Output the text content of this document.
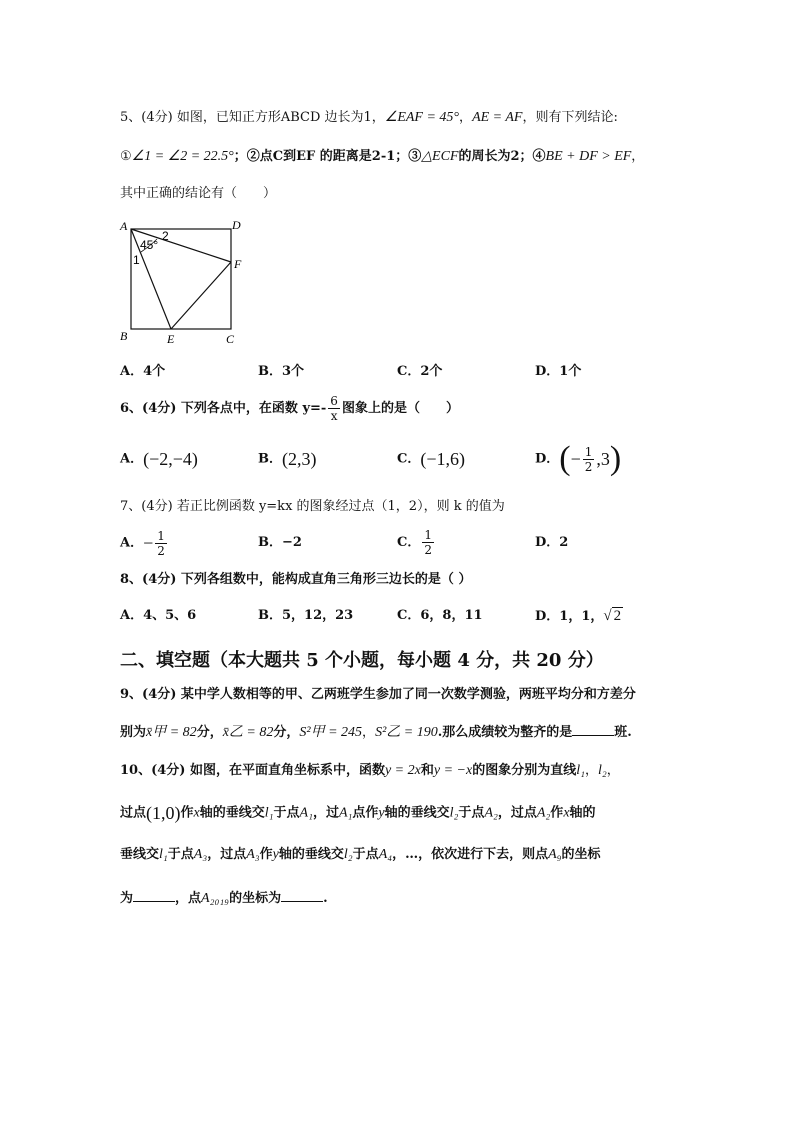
5、(4分) 如图，已知正方形ABCD 边长为1，∠EAF = 45°，AE = AF，则有下列结论:
①∠1 = ∠2 = 22.5°；②点C到EF 的距离是2-1；③△ECF的周长为2；④BE + DF > EF，
其中正确的结论有（　　）
A	D
B	C
E
F
45°
1
2
A．4个	B．3个	C．2个	D．1个
6、(4分) 下列各点中，在函数 $y=- \frac{6}{x}$ 图象上的是（　　）
A．(−2,−4)	B．(2,3)	C．(−1,6)	D．(− $\frac{1}{2} ,3$)
7、(4分) 若正比例函数 y=kx 的图象经过点（1，2），则 k 的值为
A．− $\frac{1}{2}$	B．−2	C． $\frac{1}{2}$	D．2
8、(4分) 下列各组数中，能构成直角三角形三边长的是（ ）
A．4、5、6	B．5，12，23	C．6，8，11	D．1，1，√ 2
二、填空题（本大题共 5 个小题，每小题 4 分，共 20 分）
9、(4分) 某中学人数相等的甲、乙两班学生参加了同一次数学测验，两班平均分和方差分
别为x̄甲 = 82分，x̄乙 = 82分，S²甲 = 245，S²乙 = 190.那么成绩较为整齐的是	班.
10、(4分) 如图，在平面直角坐标系中，函数y = 2x和y = −x的图象分别为直线l₁，l₂，
过点(1,0)作x轴的垂线交l₁于点A₁，过A₁点作y轴的垂线交l₂于点A₂，过点A₂作x轴的
垂线交l₁于点A₃，过点A₃作y轴的垂线交l₂于点A₄，…，依次进行下去，则点A₉的坐标
为	，点A₂₀₁₉的坐标为	.
